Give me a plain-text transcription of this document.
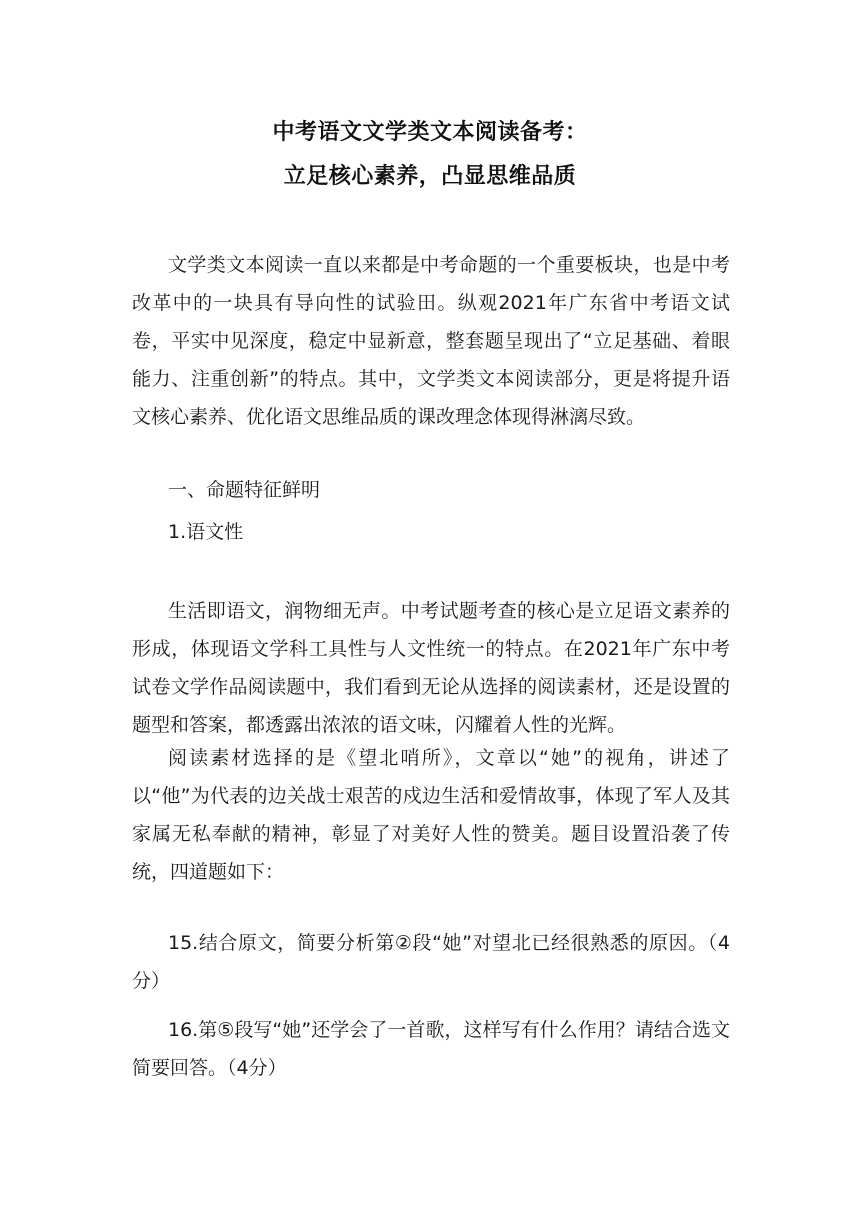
中考语文文学类文本阅读备考：
立足核心素养，凸显思维品质

文学类文本阅读一直以来都是中考命题的一个重要板块，也是中考改革中的一块具有导向性的试验田。纵观2021年广东省中考语文试卷，平实中见深度，稳定中显新意，整套题呈现出了“立足基础、着眼能力、注重创新”的特点。其中，文学类文本阅读部分，更是将提升语文核心素养、优化语文思维品质的课改理念体现得淋漓尽致。

一、命题特征鲜明

1.语文性

生活即语文，润物细无声。中考试题考查的核心是立足语文素养的形成，体现语文学科工具性与人文性统一的特点。在2021年广东中考试卷文学作品阅读题中，我们看到无论从选择的阅读素材，还是设置的题型和答案，都透露出浓浓的语文味，闪耀着人性的光辉。

阅读素材选择的是《望北哨所》，文章以“她”的视角，讲述了以“他”为代表的边关战士艰苦的戍边生活和爱情故事，体现了军人及其家属无私奉献的精神，彰显了对美好人性的赞美。题目设置沿袭了传统，四道题如下：

15.结合原文，简要分析第②段“她”对望北已经很熟悉的原因。（4分）

16.第⑤段写“她”还学会了一首歌，这样写有什么作用？请结合选文简要回答。（4分）
